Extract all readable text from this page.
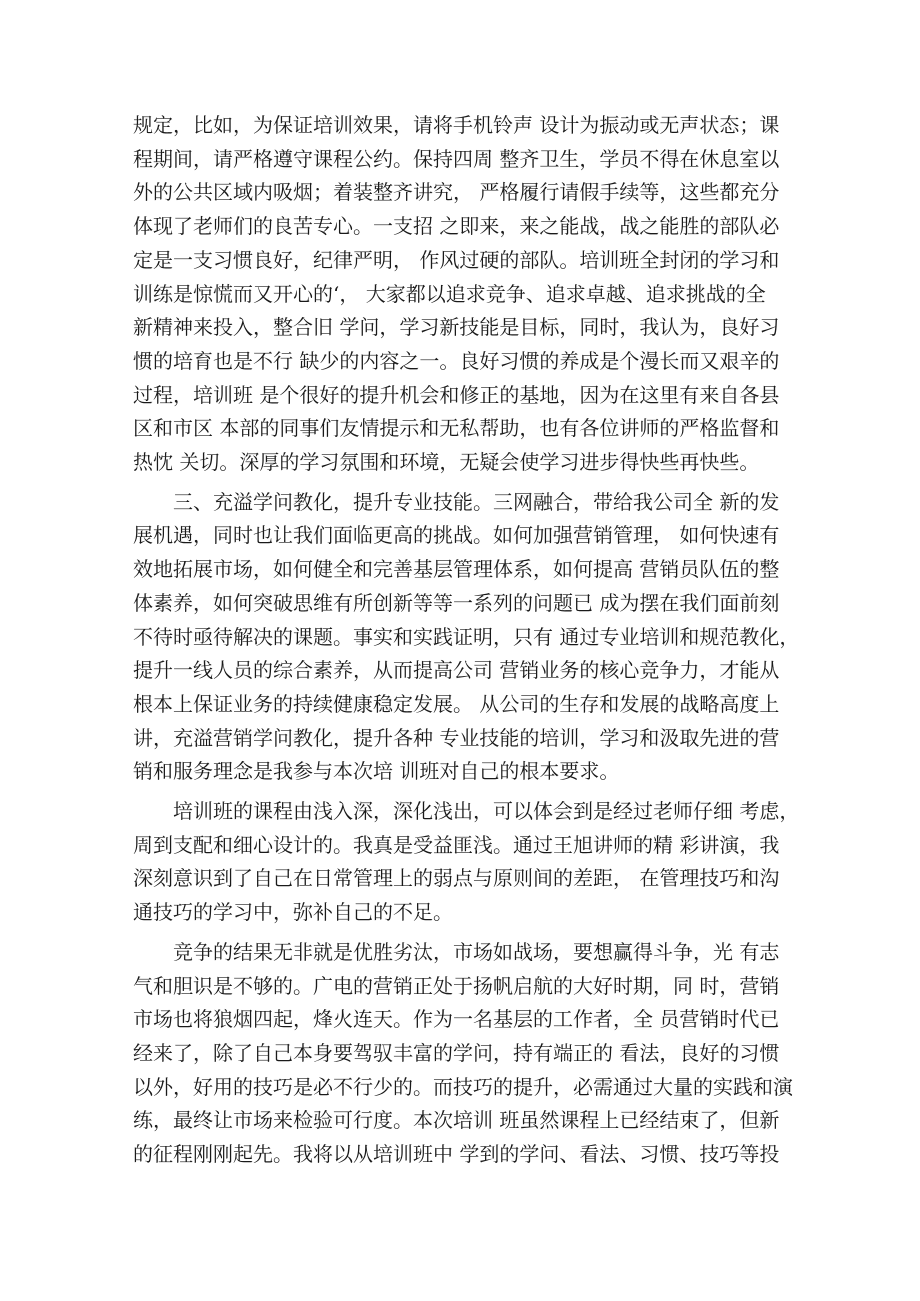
规定，比如，为保证培训效果，请将手机铃声 设计为振动或无声状态；课
程期间，请严格遵守课程公约。保持四周 整齐卫生，学员不得在休息室以
外的公共区域内吸烟；着装整齐讲究， 严格履行请假手续等，这些都充分
体现了老师们的良苦专心。一支招 之即来，来之能战，战之能胜的部队必
定是一支习惯良好，纪律严明， 作风过硬的部队。培训班全封闭的学习和
训练是惊慌而又开心的‘， 大家都以追求竞争、追求卓越、追求挑战的全
新精神来投入，整合旧 学问，学习新技能是目标，同时，我认为，良好习
惯的培育也是不行 缺少的内容之一。良好习惯的养成是个漫长而又艰辛的
过程，培训班 是个很好的提升机会和修正的基地，因为在这里有来自各县
区和市区 本部的同事们友情提示和无私帮助，也有各位讲师的严格监督和
热忱 关切。深厚的学习氛围和环境，无疑会使学习进步得快些再快些。

三、充溢学问教化，提升专业技能。三网融合，带给我公司全 新的发
展机遇，同时也让我们面临更高的挑战。如何加强营销管理， 如何快速有
效地拓展市场，如何健全和完善基层管理体系，如何提高 营销员队伍的整
体素养，如何突破思维有所创新等等一系列的问题已 成为摆在我们面前刻
不待时亟待解决的课题。事实和实践证明，只有 通过专业培训和规范教化，
提升一线人员的综合素养，从而提高公司 营销业务的核心竞争力，才能从
根本上保证业务的持续健康稳定发展。 从公司的生存和发展的战略高度上
讲，充溢营销学问教化，提升各种 专业技能的培训，学习和汲取先进的营
销和服务理念是我参与本次培 训班对自己的根本要求。

培训班的课程由浅入深，深化浅出，可以体会到是经过老师仔细 考虑，
周到支配和细心设计的。我真是受益匪浅。通过王旭讲师的精 彩讲演，我
深刻意识到了自己在日常管理上的弱点与原则间的差距， 在管理技巧和沟
通技巧的学习中，弥补自己的不足。

竞争的结果无非就是优胜劣汰，市场如战场，要想赢得斗争，光 有志
气和胆识是不够的。广电的营销正处于扬帆启航的大好时期，同 时，营销
市场也将狼烟四起，烽火连天。作为一名基层的工作者，全 员营销时代已
经来了，除了自己本身要驾驭丰富的学问，持有端正的 看法，良好的习惯
以外，好用的技巧是必不行少的。而技巧的提升，必需通过大量的实践和演
练，最终让市场来检验可行度。本次培训 班虽然课程上已经结束了，但新
的征程刚刚起先。我将以从培训班中 学到的学问、看法、习惯、技巧等投
